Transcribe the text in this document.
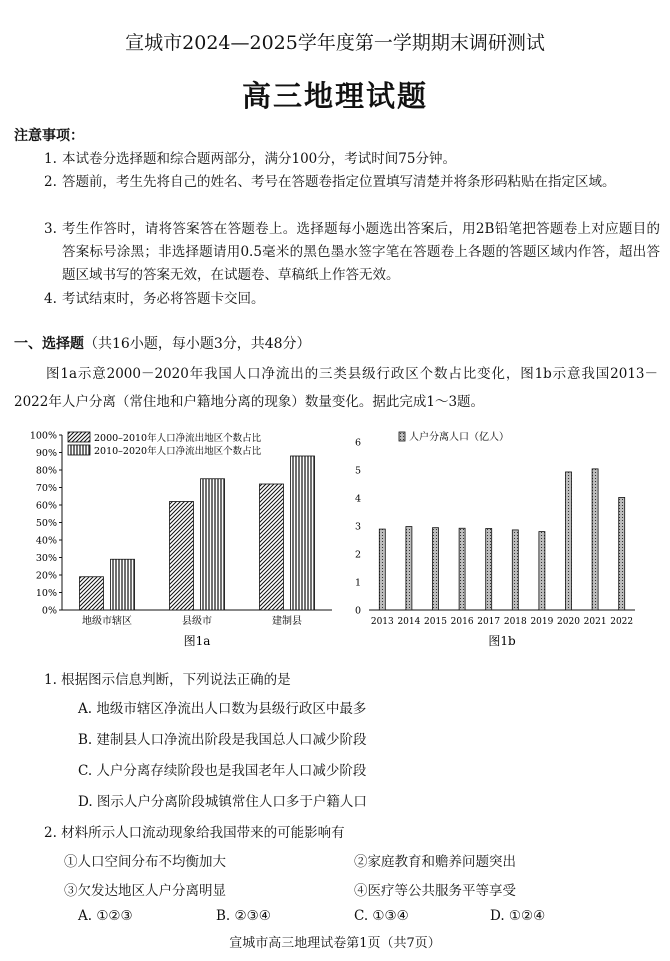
宣城市2024—2025学年度第一学期期末调研测试
高三地理试题
注意事项：
1. 本试卷分选择题和综合题两部分，满分100分，考试时间75分钟。
2. 答题前，考生先将自己的姓名、考号在答题卷指定位置填写清楚并将条形码粘贴在指定区域。
3. 考生作答时，请将答案答在答题卷上。选择题每小题选出答案后，用2B铅笔把答题卷上对应题目的答案标号涂黑；非选择题请用0.5毫米的黑色墨水签字笔在答题卷上各题的答题区域内作答，超出答题区域书写的答案无效，在试题卷、草稿纸上作答无效。
4. 考试结束时，务必将答题卡交回。
一、选择题（共16小题，每小题3分，共48分）
图1a示意2000－2020年我国人口净流出的三类县级行政区个数占比变化，图1b示意我国2013－2022年人户分离（常住地和户籍地分离的现象）数量变化。据此完成1～3题。
0%
10%
20%
30%
40%
50%
60%
70%
80%
90%
100%
地级市辖区	县级市	建制县
2000–2010年人口净流出地区个数占比
2010–2020年人口净流出地区个数占比
图1a
0
1
2
3
4
5
6
2013 2014 2015 2016 2017 2018 2019 2020 2021 2022
人户分离人口（亿人）
图1b
1. 根据图示信息判断，下列说法正确的是
A. 地级市辖区净流出人口数为县级行政区中最多
B. 建制县人口净流出阶段是我国总人口减少阶段
C. 人户分离存续阶段也是我国老年人口减少阶段
D. 图示人户分离阶段城镇常住人口多于户籍人口
2. 材料所示人口流动现象给我国带来的可能影响有
①人口空间分布不均衡加大	②家庭教育和赡养问题突出
③欠发达地区人户分离明显	④医疗等公共服务平等享受
A. ①②③	B. ②③④	C. ①③④	D. ①②④
宣城市高三地理试卷第1页（共7页）
